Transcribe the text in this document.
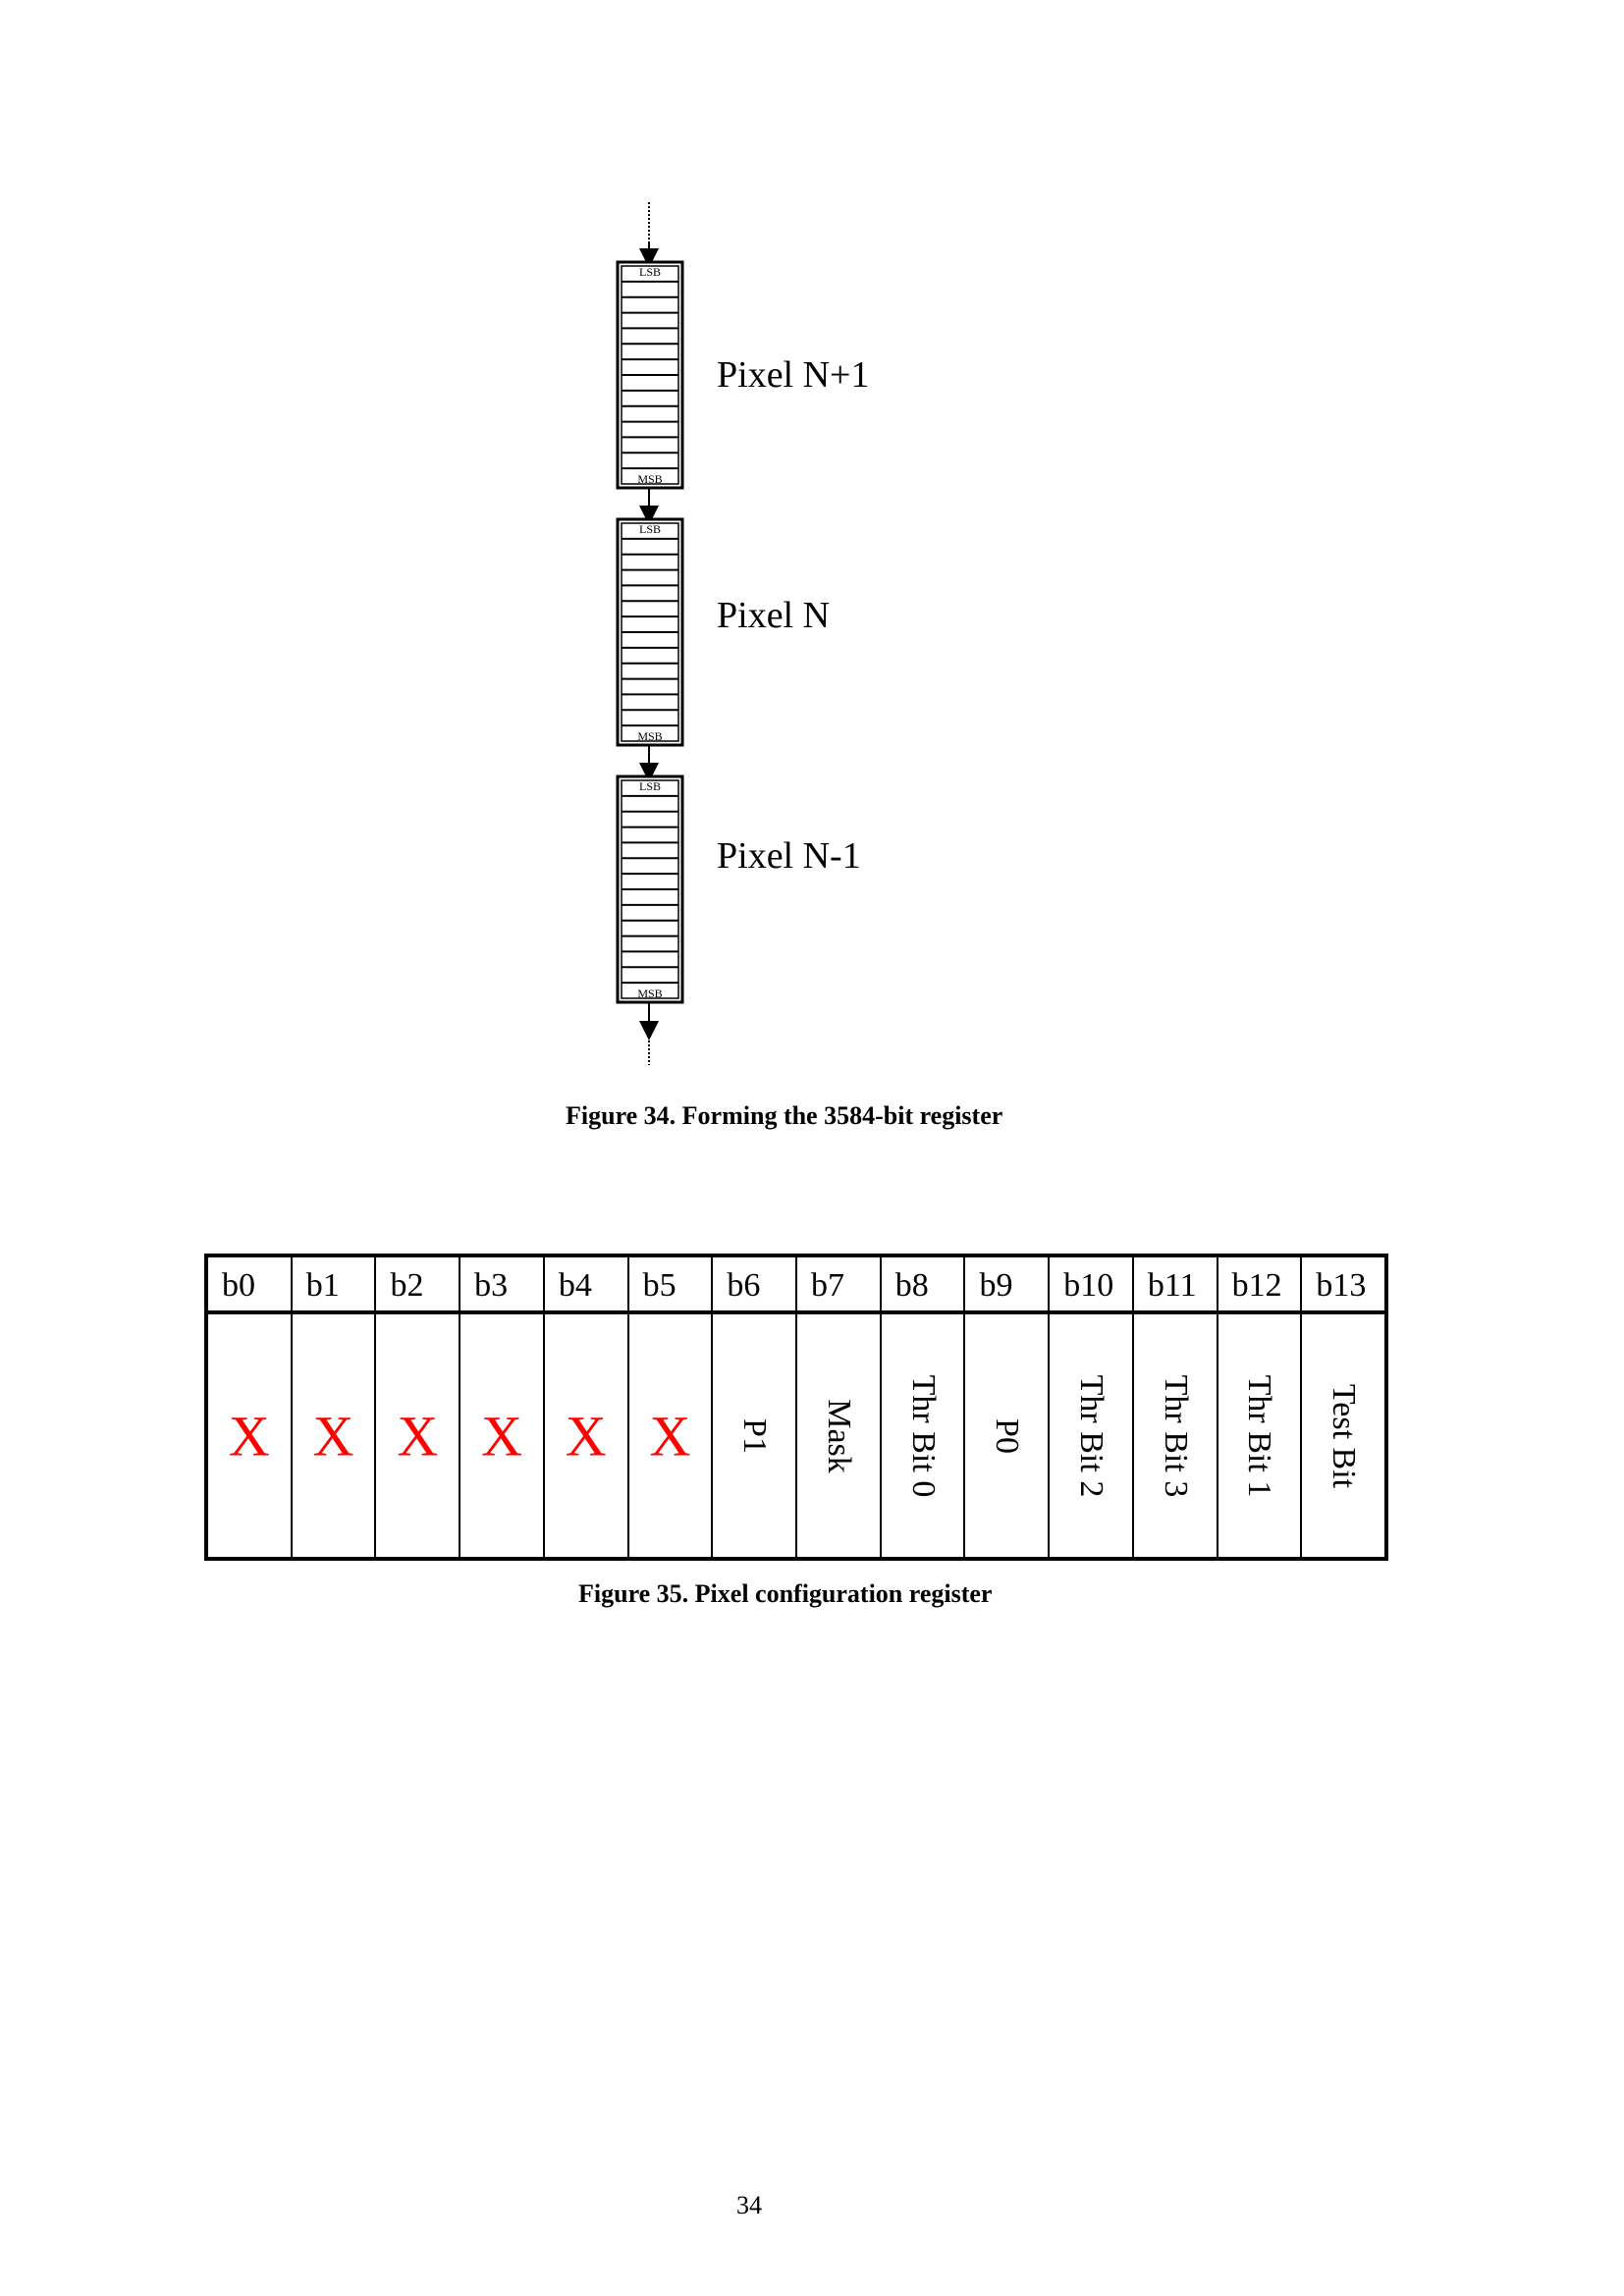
LSB
MSB
LSB
MSB
LSB
MSB
Pixel N+1
Pixel N
Pixel N-1
Figure 34. Forming the 3584-bit register
b0
X
b1
X
b2
X
b3
X
b4
X
b5
X
b6
P1
b7
Mask
b8
Thr Bit 0
b9
P0
b10
Thr Bit 2
b11
Thr Bit 3
b12
Thr Bit 1
b13
Test Bit
Figure 35. Pixel configuration register
34
